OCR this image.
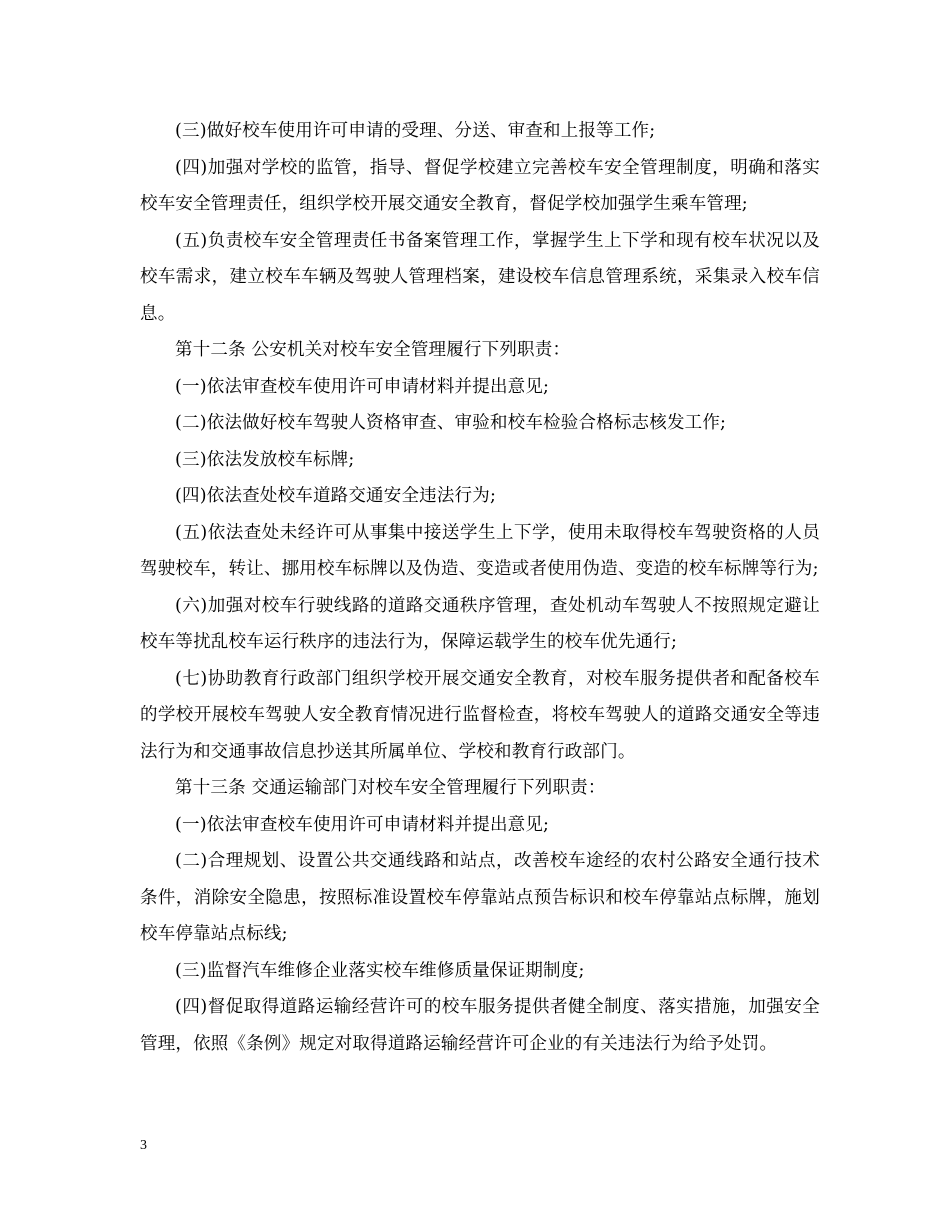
(三)做好校车使用许可申请的受理、分送、审查和上报等工作;

(四)加强对学校的监管，指导、督促学校建立完善校车安全管理制度，明确和落实校车安全管理责任，组织学校开展交通安全教育，督促学校加强学生乘车管理;

(五)负责校车安全管理责任书备案管理工作，掌握学生上下学和现有校车状况以及校车需求，建立校车车辆及驾驶人管理档案，建设校车信息管理系统，采集录入校车信息。

第十二条 公安机关对校车安全管理履行下列职责：

(一)依法审查校车使用许可申请材料并提出意见;

(二)依法做好校车驾驶人资格审查、审验和校车检验合格标志核发工作;

(三)依法发放校车标牌;

(四)依法查处校车道路交通安全违法行为;

(五)依法查处未经许可从事集中接送学生上下学，使用未取得校车驾驶资格的人员驾驶校车，转让、挪用校车标牌以及伪造、变造或者使用伪造、变造的校车标牌等行为;

(六)加强对校车行驶线路的道路交通秩序管理，查处机动车驾驶人不按照规定避让校车等扰乱校车运行秩序的违法行为，保障运载学生的校车优先通行;

(七)协助教育行政部门组织学校开展交通安全教育，对校车服务提供者和配备校车的学校开展校车驾驶人安全教育情况进行监督检查，将校车驾驶人的道路交通安全等违法行为和交通事故信息抄送其所属单位、学校和教育行政部门。

第十三条 交通运输部门对校车安全管理履行下列职责：

(一)依法审查校车使用许可申请材料并提出意见;

(二)合理规划、设置公共交通线路和站点，改善校车途经的农村公路安全通行技术条件，消除安全隐患，按照标准设置校车停靠站点预告标识和校车停靠站点标牌，施划校车停靠站点标线;

(三)监督汽车维修企业落实校车维修质量保证期制度;

(四)督促取得道路运输经营许可的校车服务提供者健全制度、落实措施，加强安全管理，依照《条例》规定对取得道路运输经营许可企业的有关违法行为给予处罚。

3
